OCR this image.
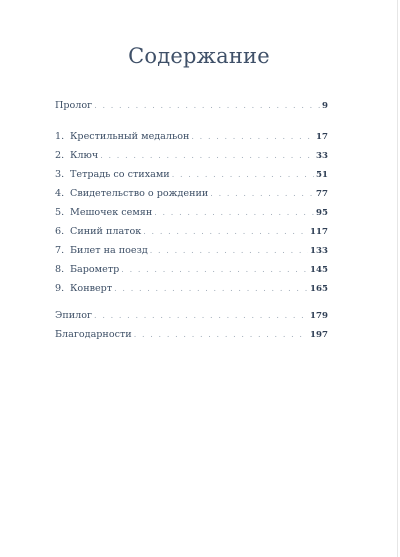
Содержание
Пролог . . .	9
1. Крестильный медальон . . .	17
2. Ключ . . .	33
3. Тетрадь со стихами . . .	51
4. Свидетельство о рождении . . .	77
5. Мешочек семян . . .	95
6. Синий платок . . .	117
7. Билет на поезд . . .	133
8. Барометр . . .	145
9. Конверт . . .	165
Эпилог . . .	179
Благодарности . . .	197
